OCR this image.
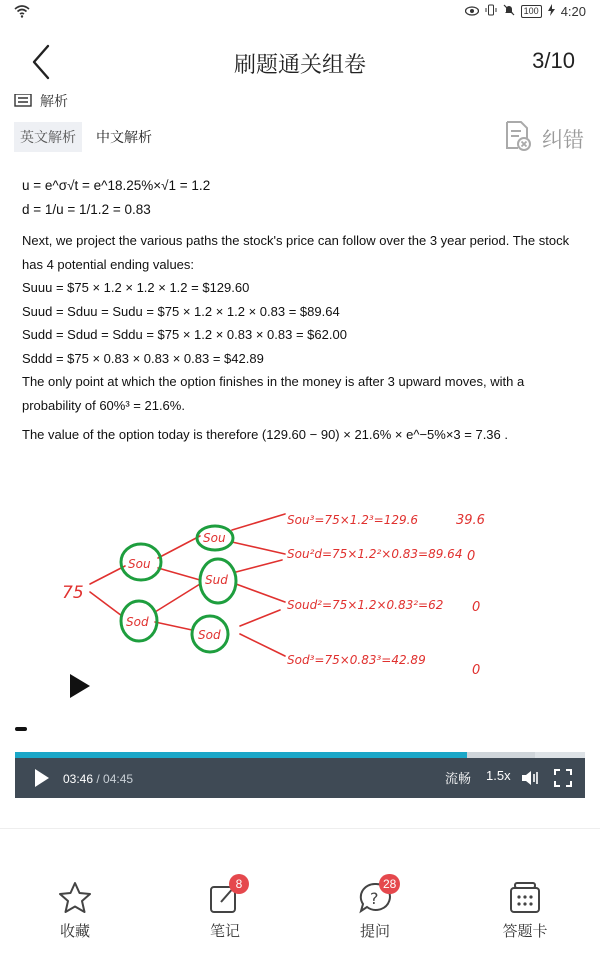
100 4:20
刷题通关组卷	3/10
解析
英文解析	中文解析	纠错

u = e^σ√t = e^18.25%×√1 = 1.2

d = 1/u = 1/1.2 = 0.83

Next, we project the various paths the stock's price can follow over the 3 year period. The stock has 4 potential ending values:

Suuu = $75 × 1.2 × 1.2 × 1.2 = $129.60

Suud = Sduu = Sudu = $75 × 1.2 × 1.2 × 0.83 = $89.64

Sudd = Sdud = Sddu = $75 × 1.2 × 0.83 × 0.83 = $62.00

Sddd = $75 × 0.83 × 0.83 × 0.83 = $42.89

The only point at which the option finishes in the money is after 3 upward moves, with a probability of 60%³ = 21.6%.

The value of the option today is therefore (129.60 − 90) × 21.6% × e^−5%×3 = 7.36 .

75
Sou
Sod
Sou
Sud
Sod
Sou³=75×1.2³=129.6
Sou²d=75×1.2²×0.83=89.64
Soud²=75×1.2×0.83²=62
Sod³=75×0.83³=42.89
39.6
0
0
0
03:46 / 04:45	流畅 1.5x
收藏
8
笔记
?
28
提问	答题卡
